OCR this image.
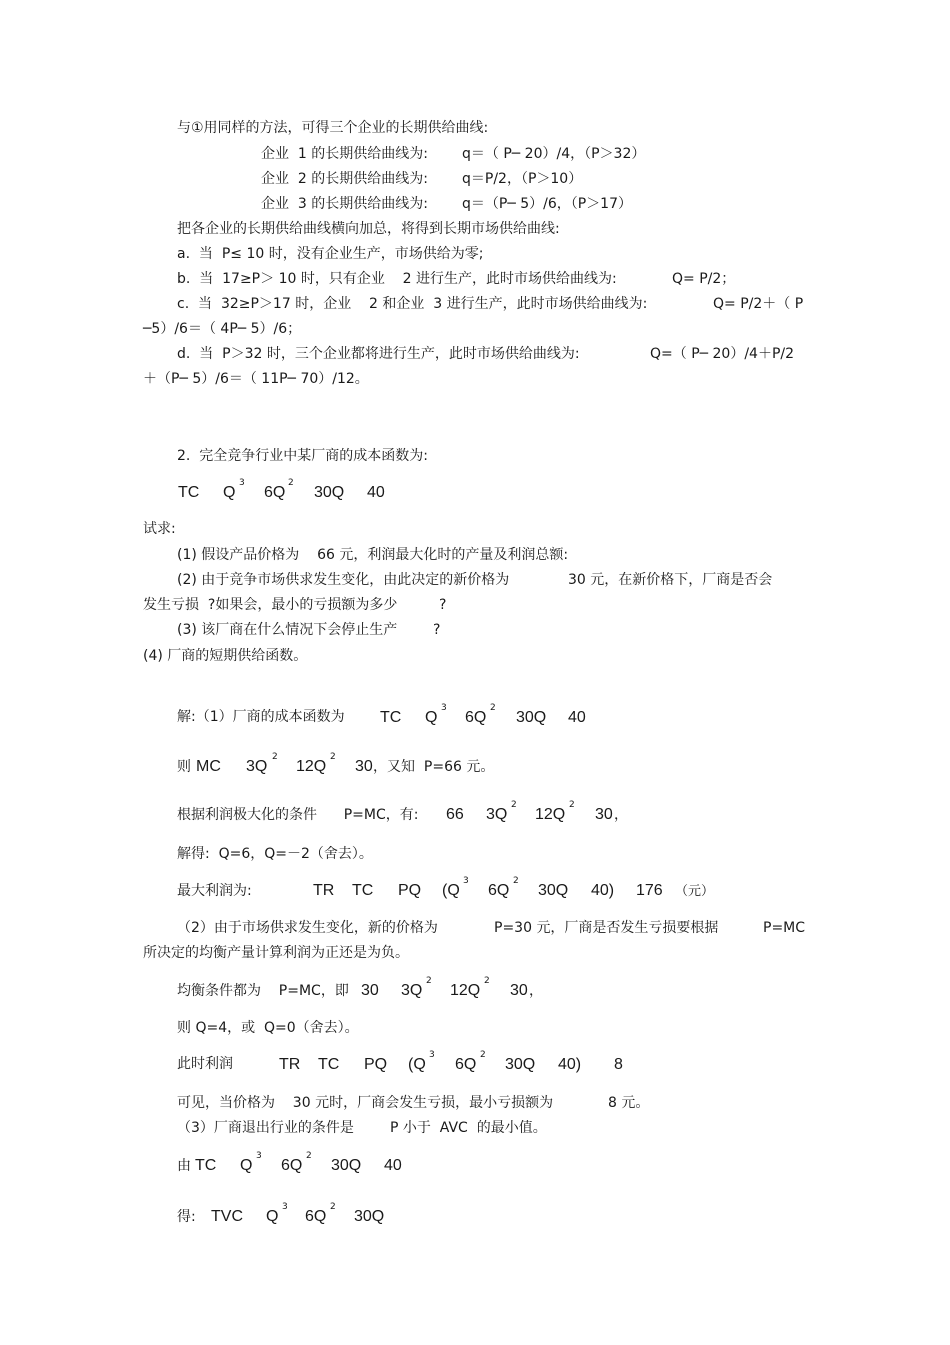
与①用同样的方法，可得三个企业的长期供给曲线:
企业  1 的长期供给曲线为: q＝（ P─ 20）/4，（P＞32）
企业  2 的长期供给曲线为: q＝P/2，（P＞10）
企业  3 的长期供给曲线为: q＝（P─ 5）/6，（P＞17）
把各企业的长期供给曲线横向加总，将得到长期市场供给曲线:
a.  当  P≤ 10 时，没有企业生产，市场供给为零;
b.  当  17≥P＞ 10 时，只有企业    2 进行生产，此时市场供给曲线为:	Q= P/2；
c.  当  32≥P＞17 时，企业    2 和企业  3 进行生产，此时市场供给曲线为:	Q= P/2＋（ P
─5）/6＝（ 4P─ 5）/6；
d.  当  P＞32 时，三个企业都将进行生产，此时市场供给曲线为:	Q=（ P─ 20）/4＋P/2
＋（P─ 5）/6＝（ 11P─ 70）/12。
2.  完全竞争行业中某厂商的成本函数为:
TC Q
3
6Q
2
30Q 40
试求:
(1) 假设产品价格为    66 元，利润最大化时的产量及利润总额:
(2) 由于竞争市场供求发生变化，由此决定的新价格为	30 元，在新价格下，厂商是否会
发生亏损  ?如果会，最小的亏损额为多少	?
(3) 该厂商在什么情况下会停止生产	?
(4) 厂商的短期供给函数。
解:（1）厂商的成本函数为 TC Q
3
6Q
2
30Q 40
则 MC 3Q
2
12Q
2
30 ，又知  P=66 元。
根据利润极大化的条件      P=MC，有: 66 3Q
2
12Q
2
30 ，
解得:  Q=6，Q=－2（舍去）。
最大利润为:	TR TC PQ (Q
3
6Q
2
30Q 40) 176 （元）
（2）由于市场供求发生变化，新的价格为	P=30 元，厂商是否发生亏损要根据	P=MC
所决定的均衡产量计算利润为正还是为负。
均衡条件都为    P=MC，即 30 3Q
2
12Q
2
30 ，
则 Q=4，或  Q=0（舍去）。
此时利润	TR TC PQ (Q
3
6Q
2
30Q 40) 8
可见，当价格为    30 元时，厂商会发生亏损，最小亏损额为	8 元。
（3）厂商退出行业的条件是	P 小于  AVC  的最小值。
由 TC Q
3
6Q
2
30Q 40
得: TVC Q
3
6Q
2
30Q
